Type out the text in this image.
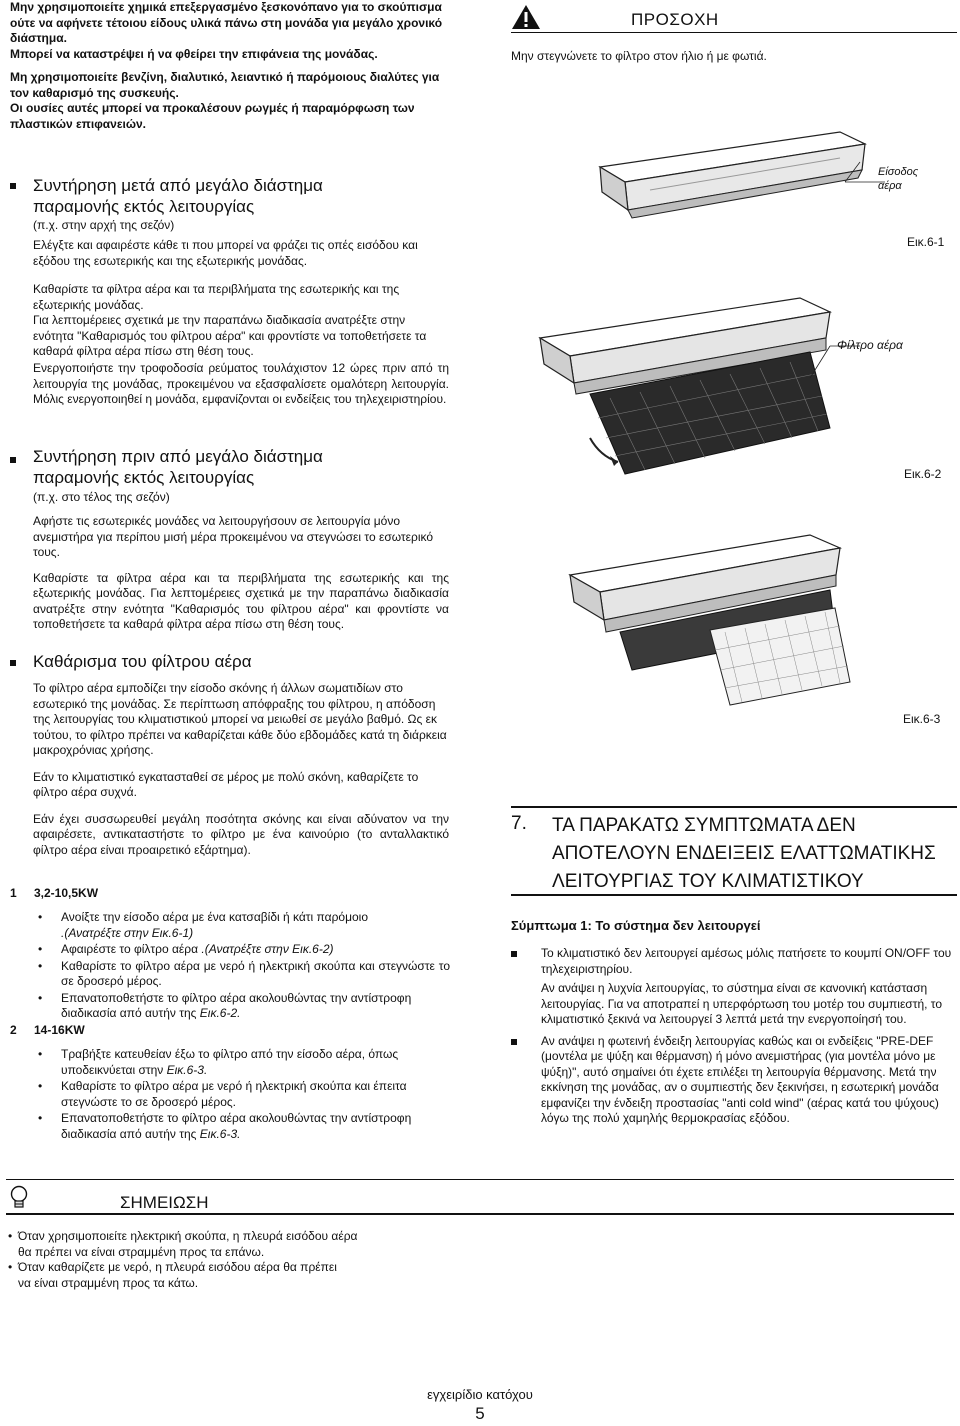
Μην χρησιμοποιείτε χημικά επεξεργασμένο ξεσκονόπανο για το σκούπισμα ούτε να αφήνετε τέτοιου είδους υλικά πάνω στη μονάδα για μεγάλο χρονικό διάστημα.

Μπορεί να καταστρέψει ή να φθείρει την επιφάνεια της μονάδας.

Μη χρησιμοποιείτε βενζίνη, διαλυτικό, λειαντικό ή παρόμοιους διαλύτες για τον καθαρισμό της συσκευής.

Οι ουσίες αυτές μπορεί να προκαλέσουν ρωγμές ή παραμόρφωση των πλαστικών επιφανειών.

ΠΡΟΣΟΧΗ

Μην στεγνώνετε το φίλτρο στον ήλιο ή με φωτιά.

Συντήρηση μετά από μεγάλο διάστημα
παραμονής εκτός λειτουργίας

(π.χ. στην αρχή της σεζόν)

Ελέγξτε και αφαιρέστε κάθε τι που μπορεί να φράζει τις οπές εισόδου και εξόδου της εσωτερικής και της εξωτερικής μονάδας.

Καθαρίστε τα φίλτρα αέρα και τα περιβλήματα της εσωτερικής και της εξωτερικής μονάδας.

Για λεπτομέρειες σχετικά με την παραπάνω διαδικασία ανατρέξτε στην ενότητα "Καθαρισμός του φίλτρου αέρα" και φροντίστε να τοποθετήσετε τα καθαρά φίλτρα αέρα πίσω στη θέση τους.

Ενεργοποιήστε την τροφοδοσία ρεύματος τουλάχιστον 12 ώρες πριν από τη λειτουργία της μονάδας, προκειμένου να εξασφαλίσετε ομαλότερη λειτουργία. Μόλις ενεργοποιηθεί η μονάδα, εμφανίζονται οι ενδείξεις του τηλεχειριστηρίου.

Συντήρηση πριν από μεγάλο διάστημα
παραμονής εκτός λειτουργίας

(π.χ. στο τέλος της σεζόν)

Αφήστε τις εσωτερικές μονάδες να λειτουργήσουν σε λειτουργία μόνο ανεμιστήρα για περίπου μισή μέρα προκειμένου να στεγνώσει το εσωτερικό τους.

Καθαρίστε τα φίλτρα αέρα και τα περιβλήματα της εσωτερικής και της εξωτερικής μονάδας. Για λεπτομέρειες σχετικά με την παραπάνω διαδικασία ανατρέξτε στην ενότητα "Καθαρισμός του φίλτρου αέρα" και φροντίστε να τοποθετήσετε τα καθαρά φίλτρα αέρα πίσω στη θέση τους.

Καθάρισμα του φίλτρου αέρα

Το φίλτρο αέρα εμποδίζει την είσοδο σκόνης ή άλλων σωματιδίων στο εσωτερικό της μονάδας. Σε περίπτωση απόφραξης του φίλτρου, η απόδοση της λειτουργίας του κλιματιστικού μπορεί να μειωθεί σε μεγάλο βαθμό. Ως εκ τούτου, το φίλτρο πρέπει να καθαρίζεται κάθε δύο εβδομάδες κατά τη διάρκεια μακροχρόνιας χρήσης.

Εάν το κλιματιστικό εγκατασταθεί σε μέρος με πολύ σκόνη, καθαρίζετε το φίλτρο αέρα συχνά.

Εάν έχει συσσωρευθεί μεγάλη ποσότητα σκόνης και είναι αδύνατον να την αφαιρέσετε, αντικαταστήστε το φίλτρο με ένα καινούριο (το ανταλλακτικό φίλτρο αέρα είναι προαιρετικό εξάρτημα).

1 3,2-10,5KW
• Ανοίξτε την είσοδο αέρα με ένα κατσαβίδι ή κάτι παρόμοιο
.(Ανατρέξτε στην Εικ.6-1)
• Αφαιρέστε το φίλτρο αέρα .(Ανατρέξτε στην Εικ.6-2)
• Καθαρίστε το φίλτρο αέρα με νερό ή ηλεκτρική σκούπα και στεγνώστε το σε δροσερό μέρος.
• Επανατοποθετήστε το φίλτρο αέρα ακολουθώντας την αντίστροφη διαδικασία από αυτήν της Εικ.6-2.
2 14-16KW
• Τραβήξτε κατευθείαν έξω το φίλτρο από την είσοδο αέρα, όπως υποδεικνύεται στην Εικ.6-3.
• Καθαρίστε το φίλτρο αέρα με νερό ή ηλεκτρική σκούπα και έπειτα στεγνώστε το σε δροσερό μέρος.
• Επανατοποθετήστε το φίλτρο αέρα ακολουθώντας την αντίστροφη διαδικασία από αυτήν της Εικ.6-3.
Είσοδος αέρα
Εικ.6-1
Φίλτρο αέρα
Εικ.6-2
Εικ.6-3
7. ΤΑ ΠΑΡΑΚΑΤΩ ΣΥΜΠΤΩΜΑΤΑ ΔΕΝ
ΑΠΟΤΕΛΟΥΝ ΕΝΔΕΙΞΕΙΣ ΕΛΑΤΤΩΜΑΤΙΚΗΣ
ΛΕΙΤΟΥΡΓΙΑΣ ΤΟΥ ΚΛΙΜΑΤΙΣΤΙΚΟΥ
Σύμπτωμα 1: Το σύστημα δεν λειτουργεί
Το κλιματιστικό δεν λειτουργεί αμέσως μόλις πατήσετε το κουμπί ON/OFF του τηλεχειριστηρίου.
Αν ανάψει η λυχνία λειτουργίας, το σύστημα είναι σε κανονική κατάσταση λειτουργίας. Για να αποτραπεί η υπερφόρτωση του μοτέρ του συμπιεστή, το κλιματιστικό ξεκινά να λειτουργεί 3 λεπτά μετά την ενεργοποίησή του.
Αν ανάψει η φωτεινή ένδειξη λειτουργίας καθώς και οι ενδείξεις "PRE-DEF (μοντέλα με ψύξη και θέρμανση) ή μόνο ανεμιστήρας (για μοντέλα μόνο με ψύξη)", αυτό σημαίνει ότι έχετε επιλέξει τη λειτουργία θέρμανσης. Μετά την εκκίνηση της μονάδας, αν ο συμπιεστής δεν ξεκινήσει, η εσωτερική μονάδα εμφανίζει την ένδειξη προστασίας "anti cold wind" (αέρας κατά του ψύχους) λόγω της πολύ χαμηλής θερμοκρασίας εξόδου.
ΣΗΜΕΙΩΣΗ
• Όταν χρησιμοποιείτε ηλεκτρική σκούπα, η πλευρά εισόδου αέρα
θα πρέπει να είναι στραμμένη προς τα επάνω.
• Όταν καθαρίζετε με νερό, η πλευρά εισόδου αέρα θα πρέπει
να είναι στραμμένη προς τα κάτω.
εγχειρίδιο κατόχου
5
